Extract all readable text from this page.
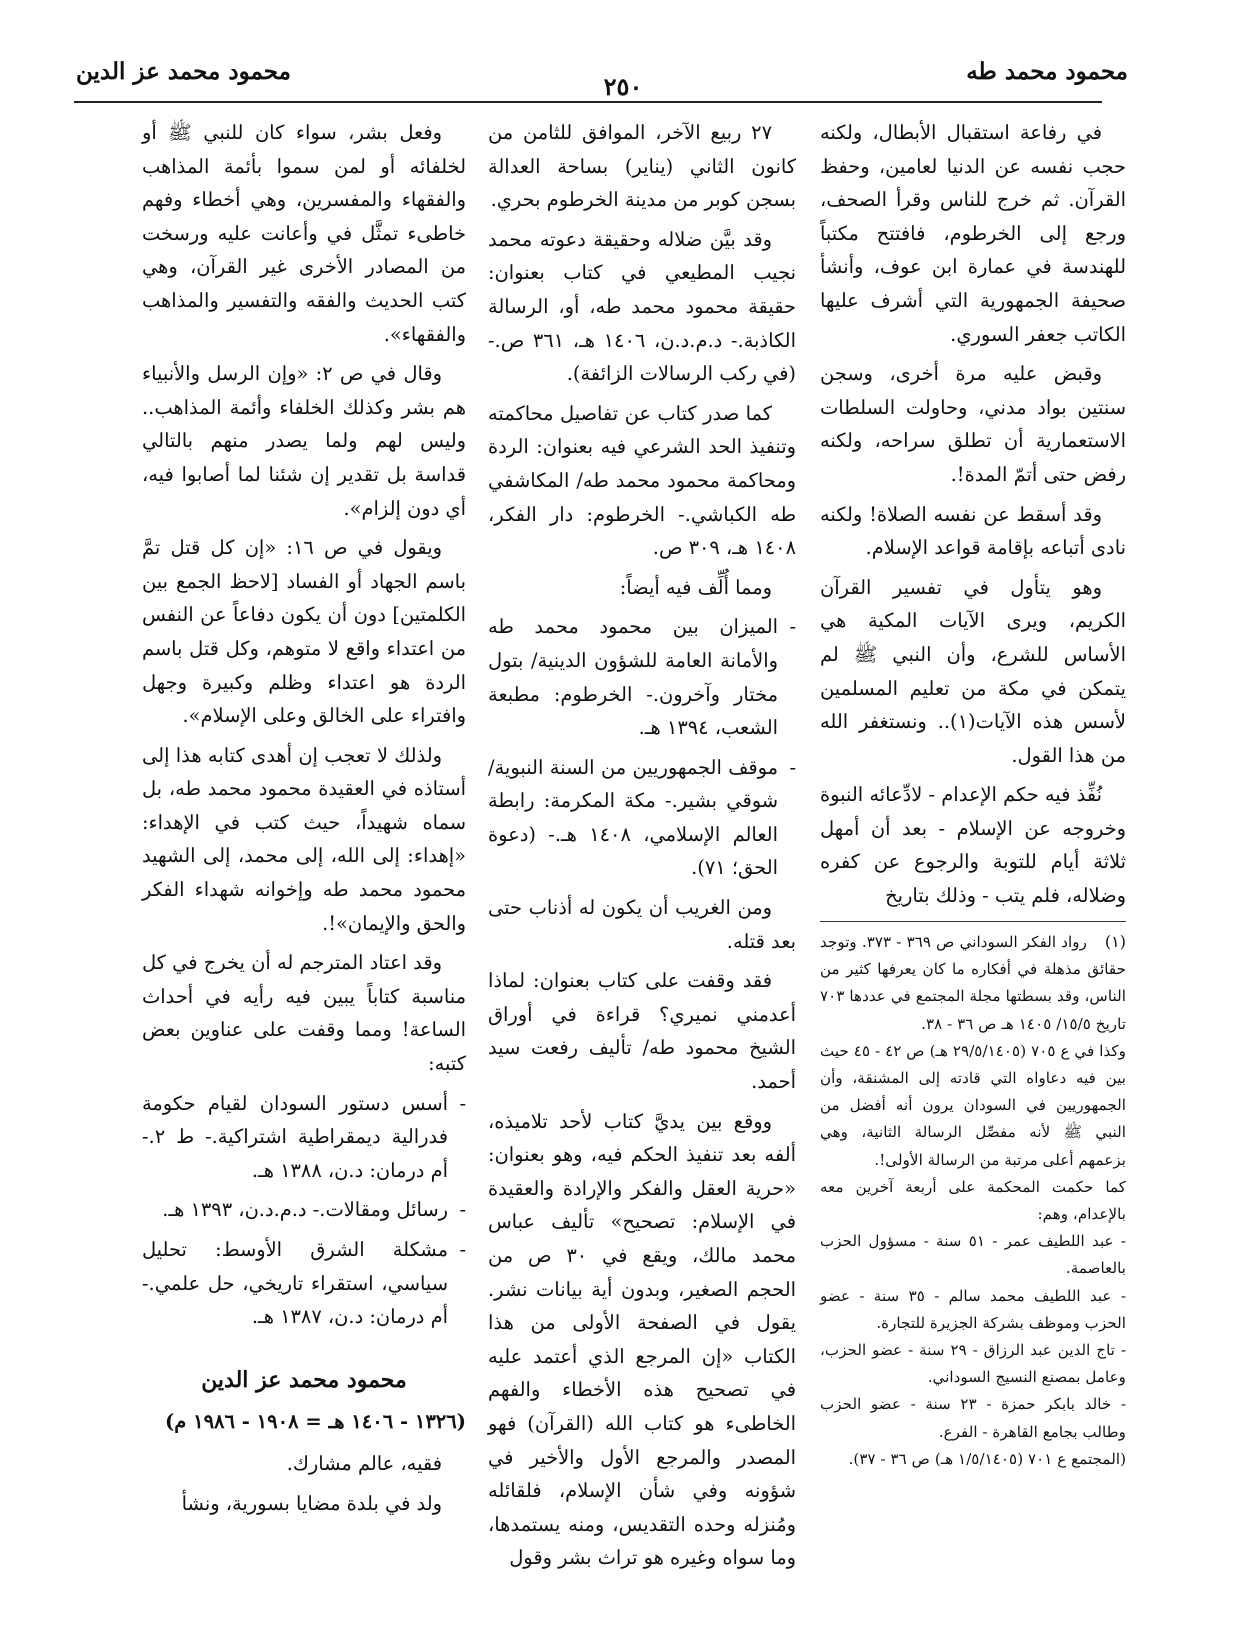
محمود محمد طه
٢٥٠
محمود محمد عز الدين

في رفاعة استقبال الأبطال، ولكنه حجب نفسه عن الدنيا لعامين، وحفظ القرآن. ثم خرج للناس وقرأ الصحف، ورجع إلى الخرطوم، فافتتح مكتباً للهندسة في عمارة ابن عوف، وأنشأ صحيفة الجمهورية التي أشرف عليها الكاتب جعفر السوري.

وقبض عليه مرة أخرى، وسجن سنتين بواد مدني، وحاولت السلطات الاستعمارية أن تطلق سراحه، ولكنه رفض حتى أتمّ المدة!.

وقد أسقط عن نفسه الصلاة! ولكنه نادى أتباعه بإقامة قواعد الإسلام.

وهو يتأول في تفسير القرآن الكريم، ويرى الآيات المكية هي الأساس للشرع، وأن النبي ﷺ لم يتمكن في مكة من تعليم المسلمين لأسس هذه الآيات(١).. ونستغفر الله من هذا القول.

نُفِّذ فيه حكم الإعدام - لادِّعائه النبوة وخروجه عن الإسلام - بعد أن أمهل ثلاثة أيام للتوبة والرجوع عن كفره وضلاله، فلم يتب - وذلك بتاريخ

(١)رواد الفكر السوداني ص ٣٦٩ - ٣٧٣. وتوجد حقائق مذهلة في أفكاره ما كان يعرفها كثير من الناس، وقد بسطتها مجلة المجتمع في عددها ٧٠٣ تاريخ ١٥/٥/ ١٤٠٥ هـ ص ٣٦ - ٣٨.

وكذا في ع ٧٠٥ (٢٩/٥/١٤٠٥ هـ) ص ٤٢ - ٤٥ حيث بين فيه دعاواه التي قادته إلى المشنقة، وأن الجمهوريين في السودان يرون أنه أفضل من النبي ﷺ لأنه مفصِّل الرسالة الثانية، وهي بزعمهم أعلى مرتبة من الرسالة الأولى!.

كما حكمت المحكمة على أربعة آخرين معه بالإعدام، وهم:

- عبد اللطيف عمر - ٥١ سنة - مسؤول الحزب بالعاصمة.

- عبد اللطيف محمد سالم - ٣٥ سنة - عضو الحزب وموظف بشركة الجزيرة للتجارة.

- تاج الدين عبد الرزاق - ٢٩ سنة - عضو الحزب، وعامل بمصنع النسيج السوداني.

- خالد بابكر حمزة - ٢٣ سنة - عضو الحزب وطالب بجامع القاهرة - الفرع.

(المجتمع ع ٧٠١ (١/٥/١٤٠٥ هـ) ص ٣٦ - ٣٧).

٢٧ ربيع الآخر، الموافق للثامن من كانون الثاني (يناير) بساحة العدالة بسجن كوبر من مدينة الخرطوم بحري.

وقد بيَّن ضلاله وحقيقة دعوته محمد نجيب المطيعي في كتاب بعنوان: حقيقة محمود محمد طه، أو، الرسالة الكاذبة.- د.م.د.ن، ١٤٠٦ هـ، ٣٦١ ص.- (في ركب الرسالات الزائفة).

كما صدر كتاب عن تفاصيل محاكمته وتنفيذ الحد الشرعي فيه بعنوان: الردة ومحاكمة محمود محمد طه/ المكاشفي طه الكباشي.- الخرطوم: دار الفكر، ١٤٠٨ هـ، ٣٠٩ ص.

ومما أُلِّف فيه أيضاً:

- الميزان بين محمود محمد طه والأمانة العامة للشؤون الدينية/ بتول مختار وآخرون.- الخرطوم: مطبعة الشعب، ١٣٩٤ هـ.
- موقف الجمهوريين من السنة النبوية/ شوقي بشير.- مكة المكرمة: رابطة العالم الإسلامي، ١٤٠٨ هـ.- (دعوة الحق؛ ٧١).

ومن الغريب أن يكون له أذناب حتى بعد قتله.

فقد وقفت على كتاب بعنوان: لماذا أعدمني نميري؟ قراءة في أوراق الشيخ محمود طه/ تأليف رفعت سيد أحمد.

ووقع بين يديَّ كتاب لأحد تلاميذه، ألفه بعد تنفيذ الحكم فيه، وهو بعنوان: «حرية العقل والفكر والإرادة والعقيدة في الإسلام: تصحيح» تأليف عباس محمد مالك، ويقع في ٣٠ ص من الحجم الصغير، وبدون أية بيانات نشر. يقول في الصفحة الأولى من هذا الكتاب «إن المرجع الذي أعتمد عليه في تصحيح هذه الأخطاء والفهم الخاطىء هو كتاب الله (القرآن) فهو المصدر والمرجع الأول والأخير في شؤونه وفي شأن الإسلام، فلقائله ومُنزله وحده التقديس، ومنه يستمدها، وما سواه وغيره هو تراث بشر وقول

وفعل بشر، سواء كان للنبي ﷺ أو لخلفائه أو لمن سموا بأئمة المذاهب والفقهاء والمفسرين، وهي أخطاء وفهم خاطىء تمثَّل في وأعانت عليه ورسخت من المصادر الأخرى غير القرآن، وهي كتب الحديث والفقه والتفسير والمذاهب والفقهاء».

وقال في ص ٢: «وإن الرسل والأنبياء هم بشر وكذلك الخلفاء وأئمة المذاهب.. وليس لهم ولما يصدر منهم بالتالي قداسة بل تقدير إن شئنا لما أصابوا فيه، أي دون إلزام».

ويقول في ص ١٦: «إن كل قتل تمَّ باسم الجهاد أو الفساد [لاحظ الجمع بين الكلمتين] دون أن يكون دفاعاً عن النفس من اعتداء واقع لا متوهم، وكل قتل باسم الردة هو اعتداء وظلم وكبيرة وجهل وافتراء على الخالق وعلى الإسلام».

ولذلك لا تعجب إن أهدى كتابه هذا إلى أستاذه في العقيدة محمود محمد طه، بل سماه شهيداً، حيث كتب في الإهداء: «إهداء: إلى الله، إلى محمد، إلى الشهيد محمود محمد طه وإخوانه شهداء الفكر والحق والإيمان»!.

وقد اعتاد المترجم له أن يخرج في كل مناسبة كتاباً يبين فيه رأيه في أحداث الساعة! ومما وقفت على عناوين بعض كتبه:

- أسس دستور السودان لقيام حكومة فدرالية ديمقراطية اشتراكية.- ط ٢.- أم درمان: د.ن، ١٣٨٨ هـ.
- رسائل ومقالات.- د.م.د.ن، ١٣٩٣ هـ.
- مشكلة الشرق الأوسط: تحليل سياسي، استقراء تاريخي، حل علمي.- أم درمان: د.ن، ١٣٨٧ هـ.
محمود محمد عز الدين
(١٣٢٦ - ١٤٠٦ هـ = ١٩٠٨ - ١٩٨٦ م)

فقيه، عالم مشارك.

ولد في بلدة مضايا بسورية، ونشأ
